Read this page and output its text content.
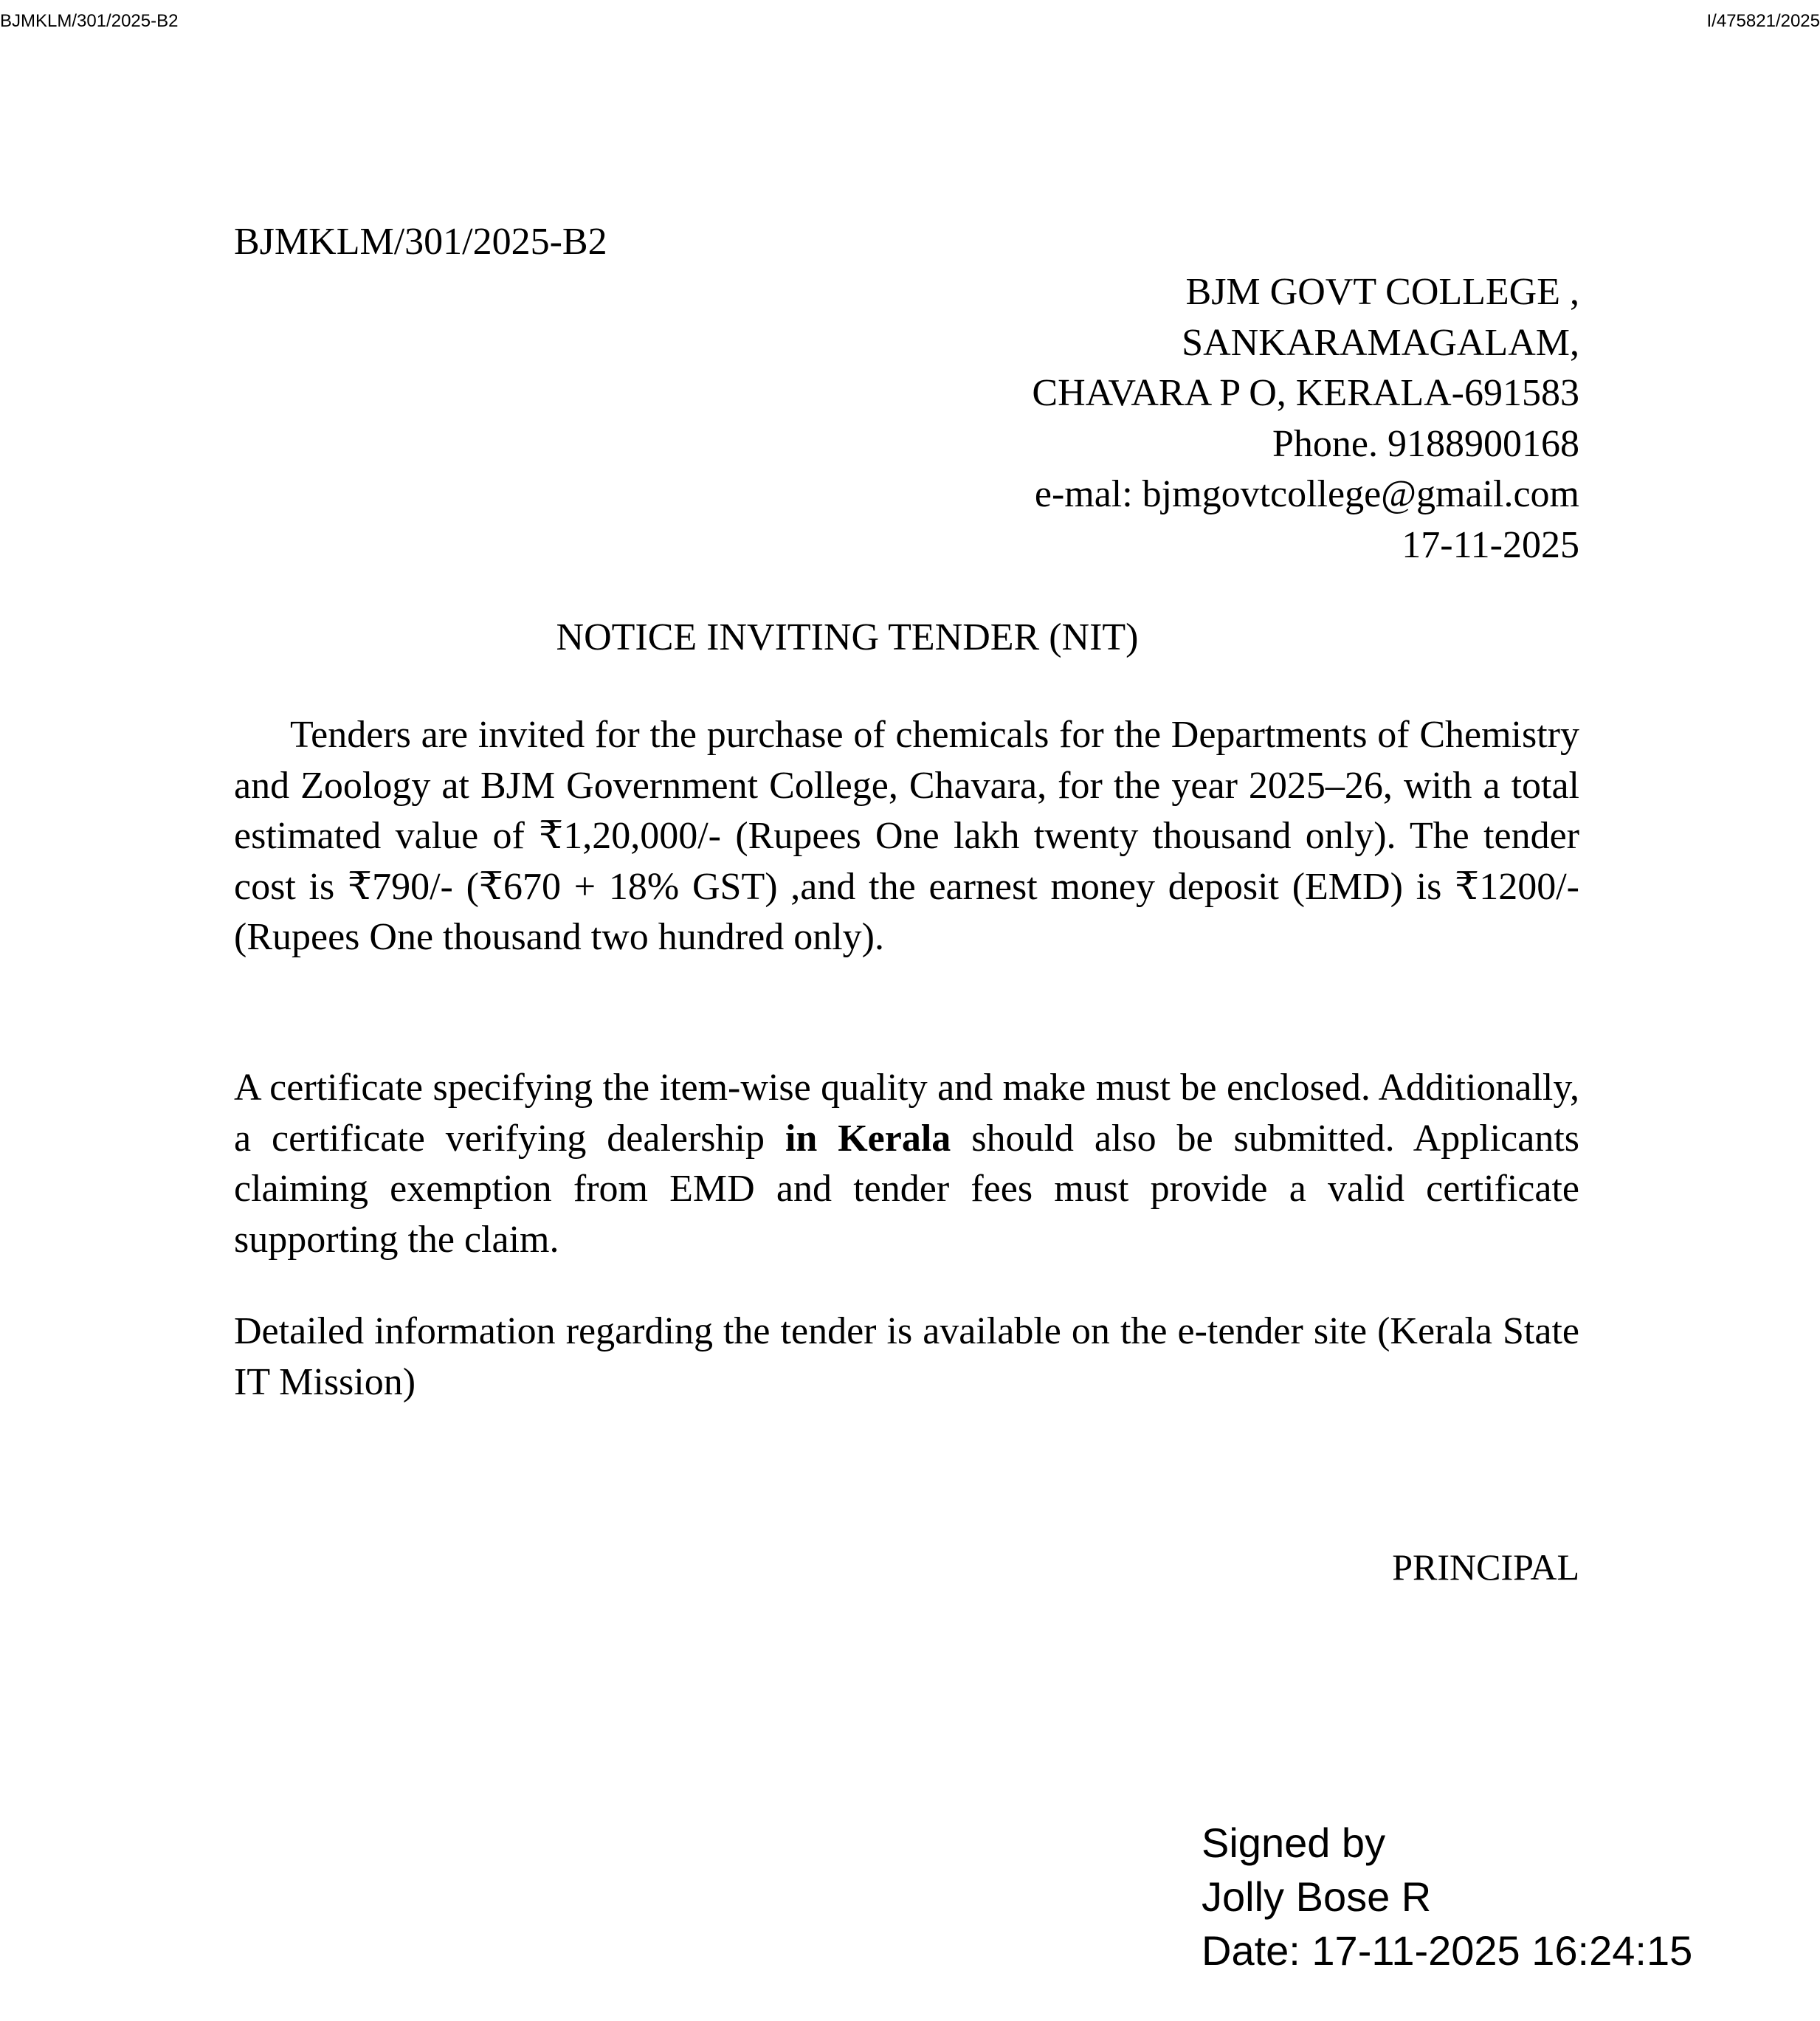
BJMKLM/301/2025-B2	I/475821/2025
BJMKLM/301/2025-B2
BJM GOVT COLLEGE ,
SANKARAMAGALAM,
CHAVARA P O, KERALA-691583
Phone. 9188900168
e-mal: bjmgovtcollege@gmail.com
17-11-2025
NOTICE INVITING TENDER (NIT)
Tenders are invited for the purchase of chemicals for the Departments of Chemistry and Zoology at BJM Government College, Chavara, for the year 2025–26, with a total estimated value of ₹1,20,000/- (Rupees One lakh twenty thousand only). The tender cost is ₹790/- (₹670 + 18% GST) ,and the earnest money deposit (EMD) is ₹1200/- (Rupees One thousand two hundred only).
A certificate specifying the item-wise quality and make must be enclosed. Additionally, a certificate verifying dealership in Kerala should also be submitted. Applicants claiming exemption from EMD and tender fees must provide a valid certificate supporting the claim.
Detailed information regarding the tender is available on the e-tender site (Kerala State IT Mission)
PRINCIPAL
Signed by
Jolly Bose R
Date: 17-11-2025 16:24:15
